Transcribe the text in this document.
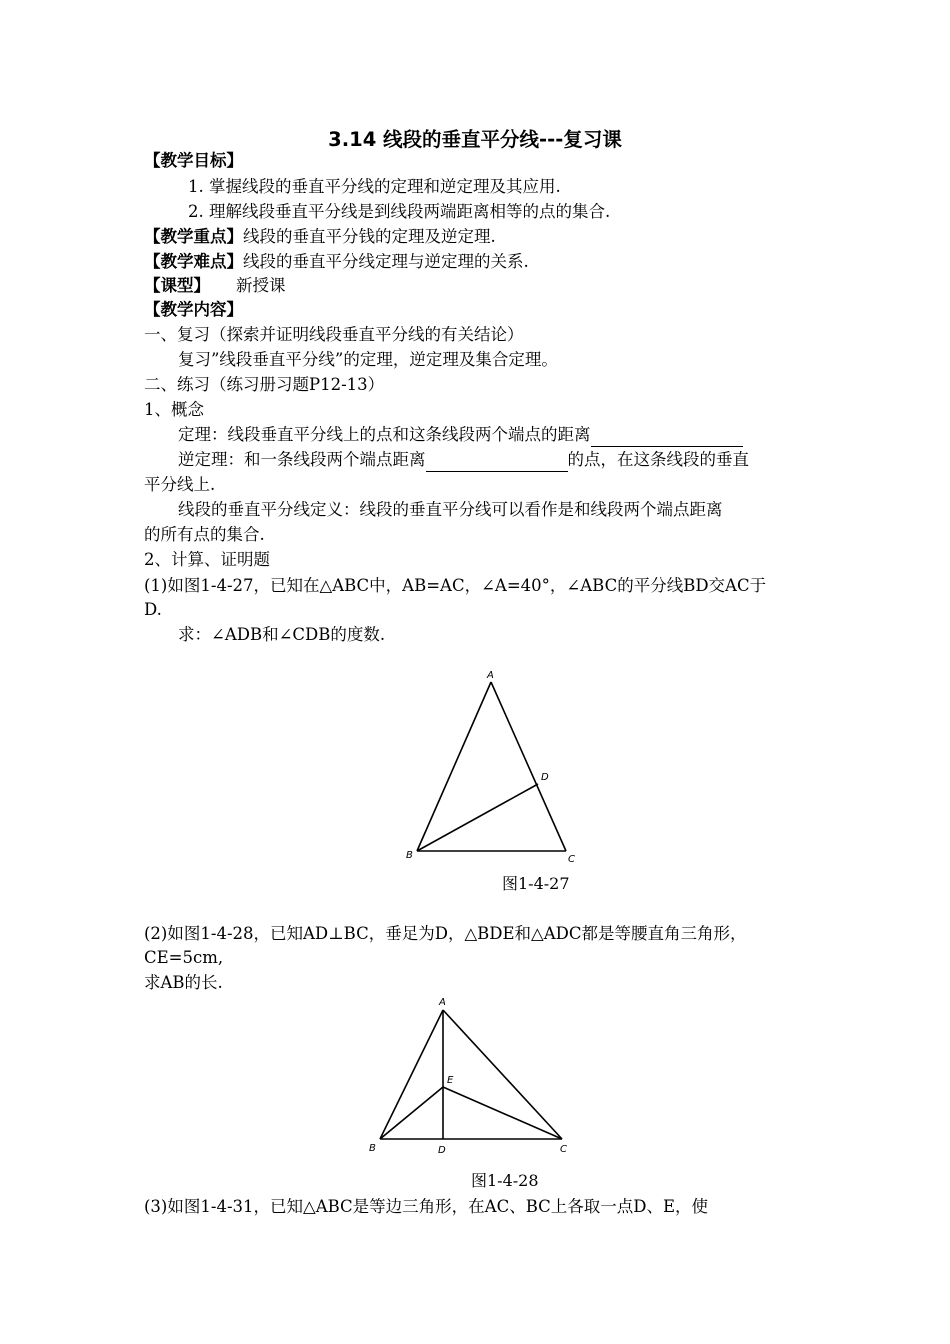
3.14 线段的垂直平分线---复习课
【教学目标】
1. 掌握线段的垂直平分线的定理和逆定理及其应用.
2. 理解线段垂直平分线是到线段两端距离相等的点的集合.
【教学重点】线段的垂直平分钱的定理及逆定理.
【教学难点】线段的垂直平分线定理与逆定理的关系.
【课型】 新授课
【教学内容】
一、复习（探索并证明线段垂直平分线的有关结论）
复习”线段垂直平分线”的定理，逆定理及集合定理。
二、练习（练习册习题P12-13）
1、概念
定理：线段垂直平分线上的点和这条线段两个端点的距离
逆定理：和一条线段两个端点距离	的点，在这条线段的垂直
平分线上.
线段的垂直平分线定义：线段的垂直平分线可以看作是和线段两个端点距离
的所有点的集合.
2、计算、证明题
(1)如图1-4-27，已知在△ABC中，AB=AC，∠A=40°，∠ABC的平分线BD交AC于
D.
求：∠ADB和∠CDB的度数.
A
B	C
D
图1-4-27
A
B	C
D
E
图1-4-28
(2)如图1-4-28，已知AD⊥BC，垂足为D，△BDE和△ADC都是等腰直角三角形，
CE=5cm,
求AB的长.
(3)如图1-4-31，已知△ABC是等边三角形，在AC、BC上各取一点D、E，使
